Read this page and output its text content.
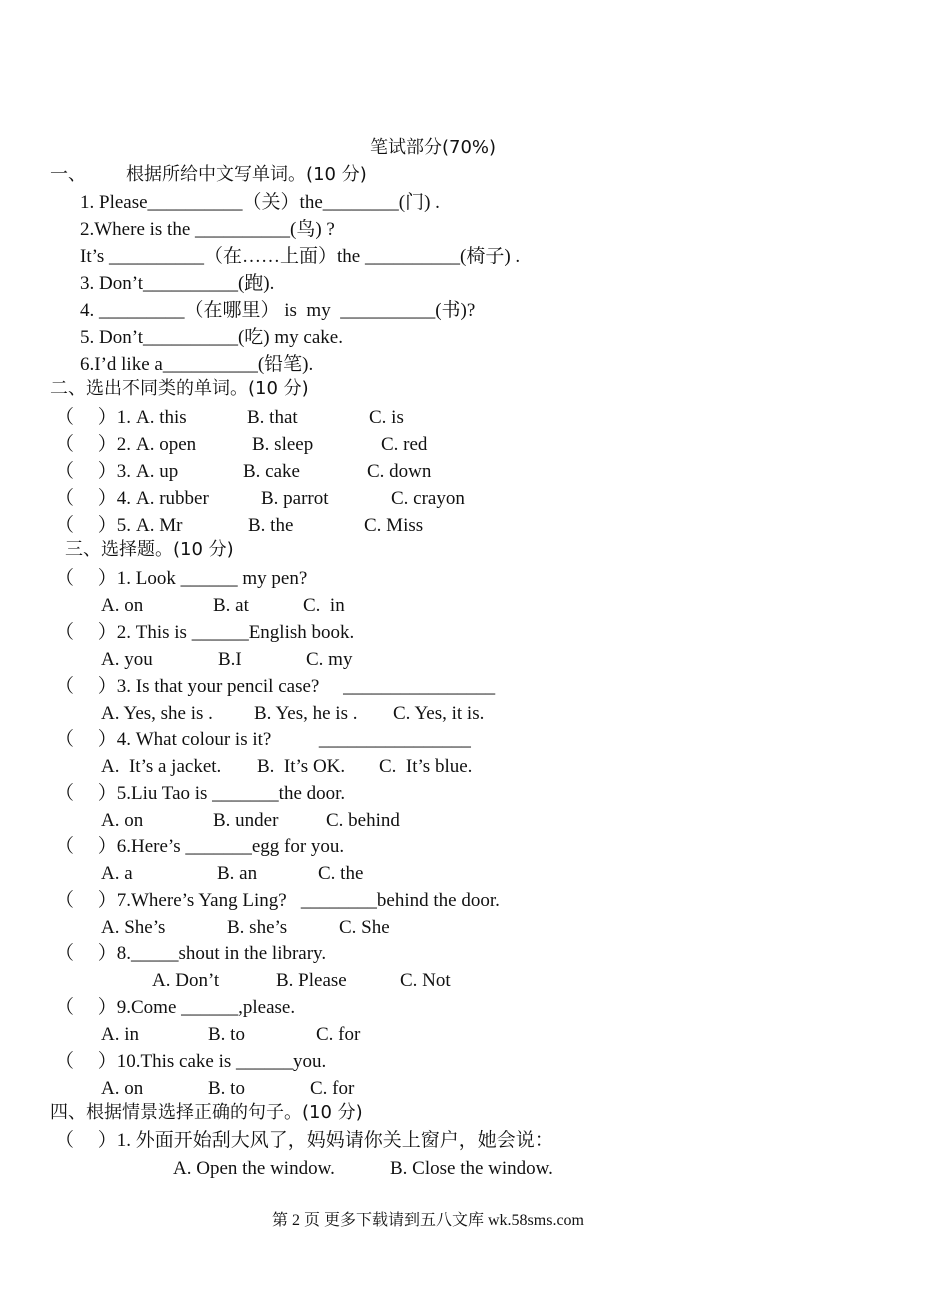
笔试部分(70%)
一、       根据所给中文写单词。(10 分)
1. Please__________（关）the________(门) .
2.Where is the __________(鸟) ?
It’s __________（在……上面）the __________(椅子) .
3. Don’t__________(跑).
4. _________（在哪里） is  my  __________(书)?
5. Don’t__________(吃) my cake.
6.I’d like a__________(铅笔).
二、选出不同类的单词。(10 分)
（     ）1. A. this	B. that	C. is
（     ）2. A. open	B. sleep	C. red
（     ）3. A. up	B. cake	C. down
（     ）4. A. rubber	B. parrot	C. crayon
（     ）5. A. Mr	B. the	C. Miss
三、选择题。(10 分)
（     ）1. Look ______ my pen?
A. on	B. at	C.  in
（     ）2. This is ______English book.
A. you	B.I	C. my
（     ）3. Is that your pencil case?     ________________
A. Yes, she is . B. Yes, he is . C. Yes, it is.
（     ）4. What colour is it?          ________________
A.  It’s a jacket. B.  It’s OK. C.  It’s blue.
（     ）5.Liu Tao is _______the door.
A. on	B. under	C. behind
（     ）6.Here’s _______egg for you.
A. a	B. an	C. the
（     ）7.Where’s Yang Ling?   ________behind the door.
A. She’s	B. she’s	C. She
（     ）8._____shout in the library.
A. Don’t	B. Please	C. Not
（     ）9.Come ______,please.
A. in	B. to	C. for
（     ）10.This cake is ______you.
A. on	B. to	C. for
四、根据情景选择正确的句子。(10 分)
（     ）1. 外面开始刮大风了，妈妈请你关上窗户，她会说：
A. Open the window.	B. Close the window.
第 2 页 更多下载请到五八文库 wk.58sms.com
